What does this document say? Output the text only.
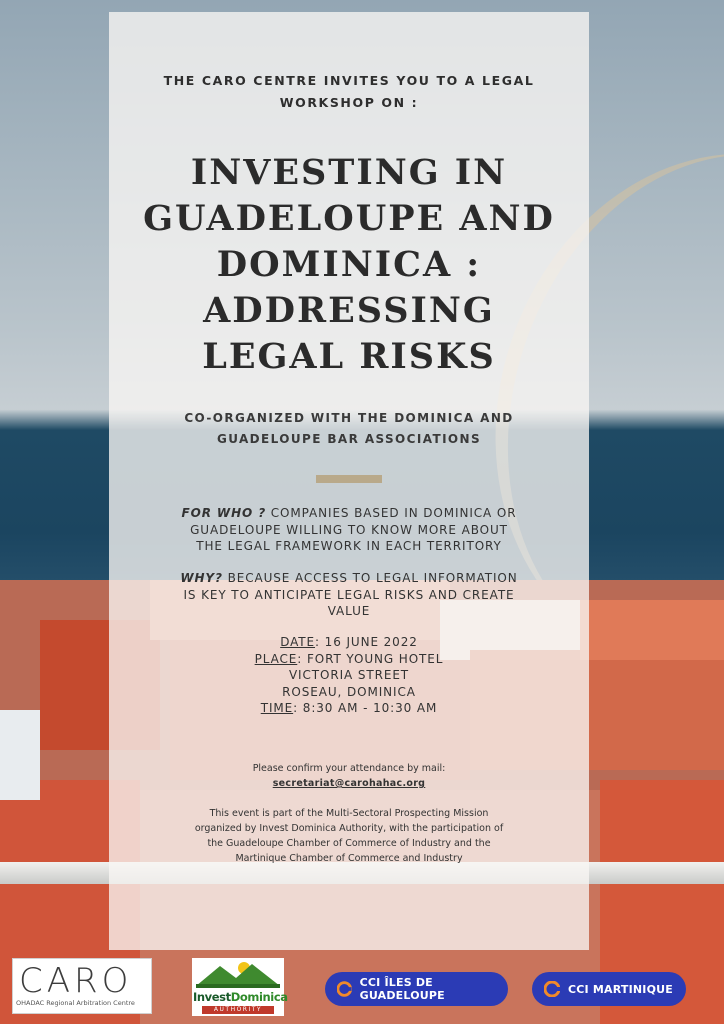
THE CARO CENTRE INVITES YOU TO A LEGAL
WORKSHOP ON :
INVESTING IN
GUADELOUPE AND
DOMINICA :
ADDRESSING
LEGAL RISKS
CO-ORGANIZED WITH THE DOMINICA AND
GUADELOUPE BAR ASSOCIATIONS
FOR WHO ? COMPANIES BASED IN DOMINICA OR
GUADELOUPE WILLING TO KNOW MORE ABOUT
THE LEGAL FRAMEWORK IN EACH TERRITORY
WHY? BECAUSE ACCESS TO LEGAL INFORMATION
IS KEY TO ANTICIPATE LEGAL RISKS AND CREATE
VALUE
DATE: 16 JUNE 2022
PLACE: FORT YOUNG HOTEL
VICTORIA STREET
ROSEAU, DOMINICA
TIME: 8:30 AM - 10:30 AM
Please confirm your attendance by mail:
secretariat@carohahac.org
This event is part of the Multi-Sectoral Prospecting Mission
organized by Invest Dominica Authority, with the participation of
the Guadeloupe Chamber of Commerce of Industry and the
Martinique Chamber of Commerce and Industry
CARO
OHADAC Regional Arbitration Centre	InvestDominica
AUTHORITY
CCI ÎLES DE GUADELOUPE	CCI MARTINIQUE
